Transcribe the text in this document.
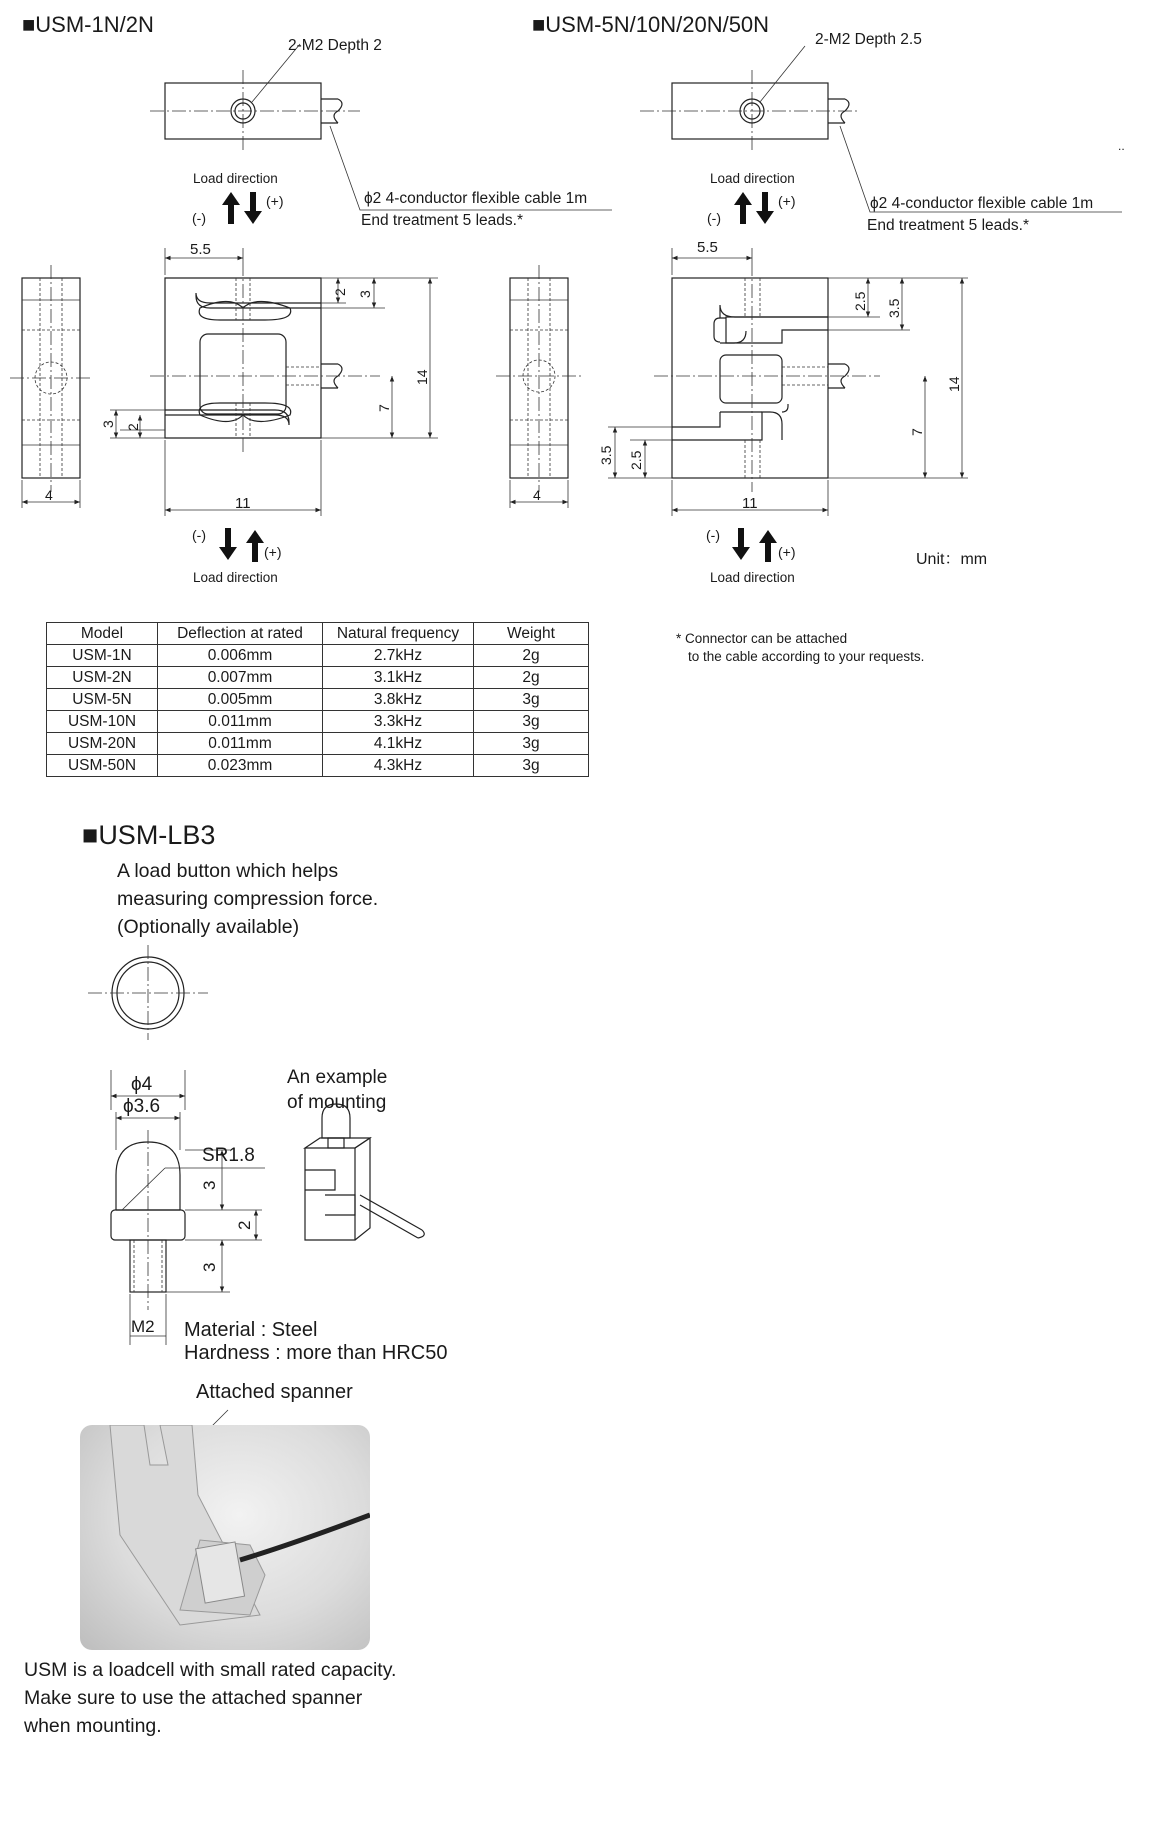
■USM-1N/2N	■USM-5N/10N/20N/50N
2-M2 Depth 2
ϕ2 4-conductor flexible cable 1m
End treatment 5 leads.*
Load direction
(-)
(+)
4
5.5
2 3
14
7
3 2
11
(-)
(+)
Load direction
2-M2 Depth 2.5
ϕ2 4-conductor flexible cable 1m
End treatment 5 leads.*
..
Load direction
(-)
(+)
4
5.5
2.5 3.5
14
7
3.5 2.5
11
(-)
(+)
Load direction
Unit：mm
* Connector can be attached
to the cable according to your requests.
ϕ4
ϕ3.6
SR1.8
3
2
3
M2
An example
of mounting
Material : Steel
Hardness : more than HRC50
Attached spanner
Model	Deflection at rated	Natural frequency	Weight
USM-1N	0.006mm	2.7kHz	2g
USM-2N	0.007mm	3.1kHz	2g
USM-5N	0.005mm	3.8kHz	3g
USM-10N	0.011mm	3.3kHz	3g
USM-20N	0.011mm	4.1kHz	3g
USM-50N	0.023mm	4.3kHz	3g
■USM-LB3
A load button which helps
measuring compression force.
(Optionally available)
USM is a loadcell with small rated capacity.
Make sure to use the attached spanner
when mounting.
